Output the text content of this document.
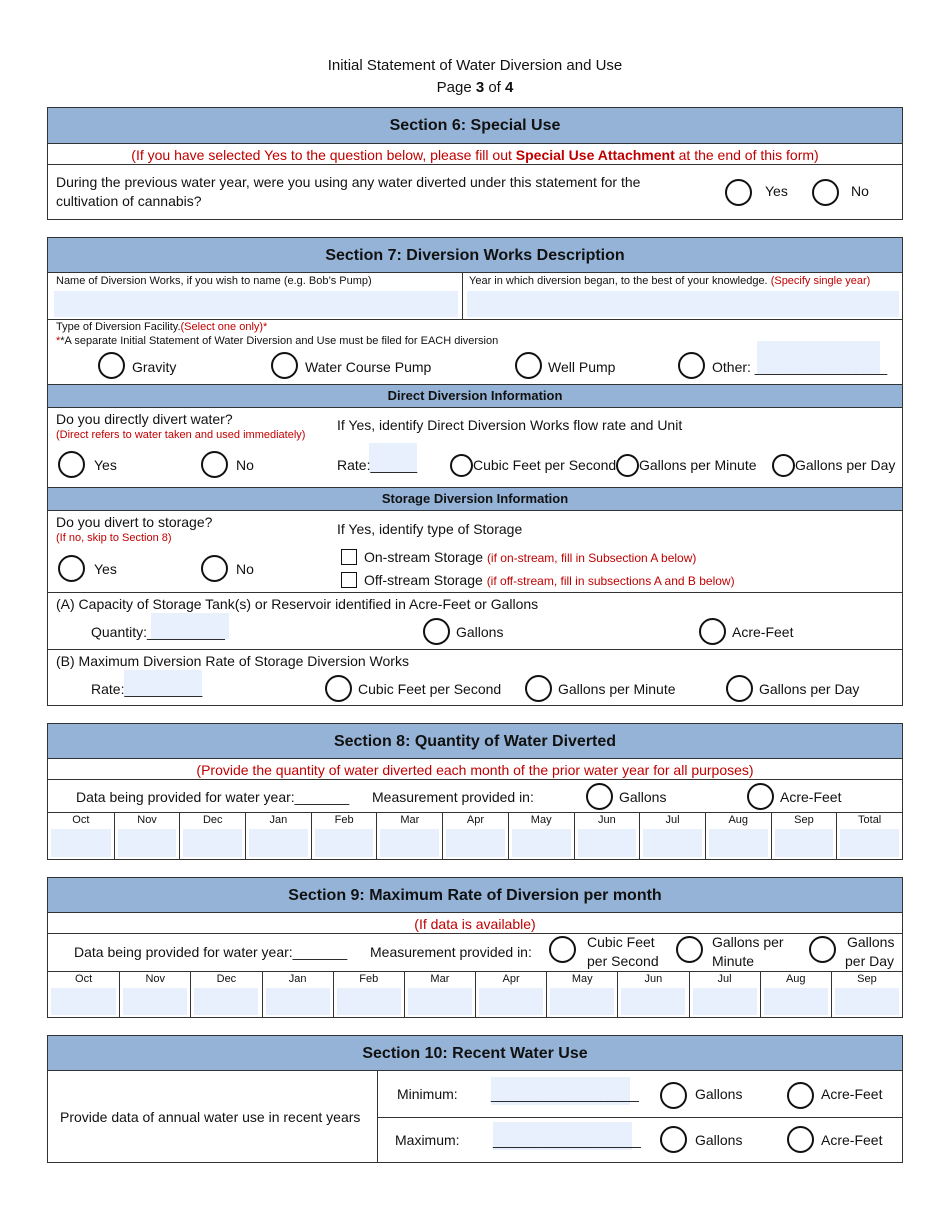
Initial Statement of Water Diversion and Use
Page 3 of 4
Section 6: Special Use
(If you have selected Yes to the question below, please fill out Special Use Attachment at the end of this form)
During the previous water year, were you using any water diverted under this statement for the
cultivation of cannabis?
Yes	No
Section 7: Diversion Works Description
Name of Diversion Works, if you wish to name (e.g. Bob’s Pump)	Year in which diversion began, to the best of your knowledge. (Specify single year)
Type of Diversion Facility.(Select one only)*
**A separate Initial Statement of Water Diversion and Use must be filed for EACH diversion
Gravity	Water Course Pump	Well Pump	Other: _________________
Direct Diversion Information
Do you directly divert water?
(Direct refers to water taken and used immediately)
If Yes, identify Direct Diversion Works flow rate and Unit
Yes	No	Rate:______	Cubic Feet per Second Gallons per Minute	Gallons per Day
Storage Diversion Information
Do you divert to storage?
(If no, skip to Section 8)
If Yes, identify type of Storage
Yes	No
On-stream Storage (if on-stream, fill in Subsection A below)
Off-stream Storage (if off-stream, fill in subsections A and B below)
(A) Capacity of Storage Tank(s) or Reservoir identified in Acre-Feet or Gallons
Quantity:__________	Gallons	Acre-Feet
(B) Maximum Diversion Rate of Storage Diversion Works
Rate:__________	Cubic Feet per Second	Gallons per Minute	Gallons per Day
Section 8: Quantity of Water Diverted
(Provide the quantity of water diverted each month of the prior water year for all purposes)
Data being provided for water year:_______ Measurement provided in:	Gallons	Acre-Feet
Oct	Nov	Dec	Jan	Feb	Mar	Apr	May	Jun	Jul	Aug	Sep	Total
Section 9: Maximum Rate of Diversion per month
(If data is available)
Data being provided for water year:_______ Measurement provided in:
Cubic Feet
per Second
Gallons per
Minute
Gallons
per Day
Oct	Nov	Dec	Jan	Feb	Mar	Apr	May	Jun	Jul	Aug	Sep
Section 10: Recent Water Use
Provide data of annual water use in recent years
Minimum: ___________________	Gallons	Acre-Feet
Maximum: ___________________	Gallons	Acre-Feet
